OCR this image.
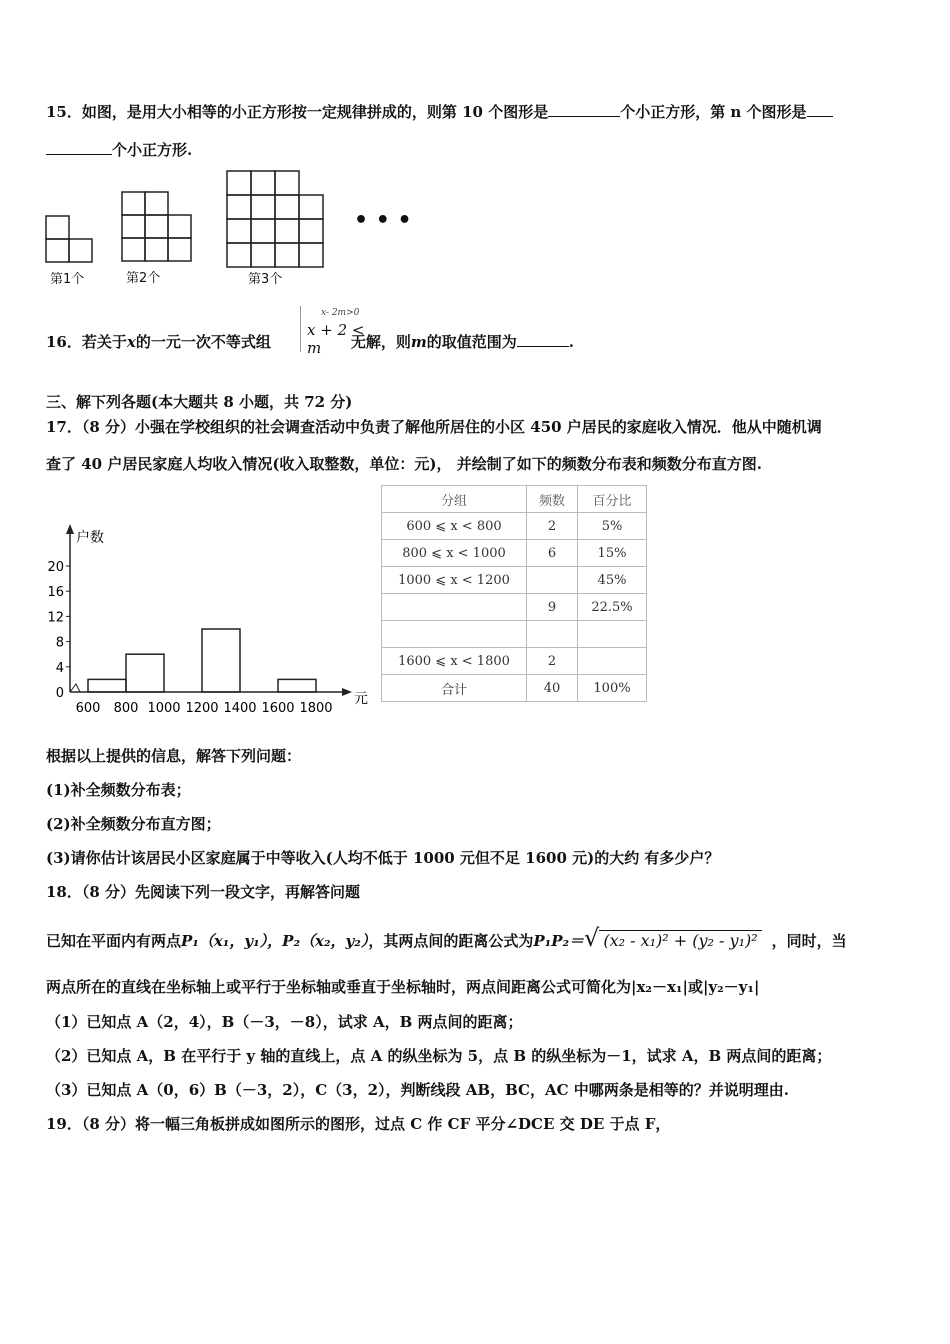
15．如图，是用大小相等的小正方形按一定规律拼成的，则第 10 个图形是	个小正方形，第 n 个图形是
个小正方形.
第1个	第2个	第3个
• • •
x- 2m>0
x + 2 < m
16．若关于x的一元一次不等式组	无解，则m的取值范围为	.
三、解下列各题(本大题共 8 小题，共 72 分)
17．（8 分）小强在学校组织的社会调查活动中负责了解他所居住的小区 450 户居民的家庭收入情况．他从中随机调
查了 40 户居民家庭人均收入情况(收入取整数，单位：元)， 并绘制了如下的频数分布表和频数分布直方图.
户数
元
0
4
8
12
16
20
600 800 1000 1200 1400 1600 1800
分组	频数	百分比
600 ⩽ x < 800	2	5%
800 ⩽ x < 1000	6	15%
1000 ⩽ x < 1200		45%
	9	22.5%

1600 ⩽ x < 1800	2	
合计	40	100%
根据以上提供的信息，解答下列问题：
(1)补全频数分布表；
(2)补全频数分布直方图；
(3)请你估计该居民小区家庭属于中等收入(人均不低于 1000 元但不足 1600 元)的大约 有多少户？
18．（8 分）先阅读下列一段文字，再解答问题
已知在平面内有两点P₁（x₁，y₁），P₂（x₂，y₂），其两点间的距离公式为P₁P₂＝√ (x₂ - x₁)² + (y₂ - y₁)² ，同时，当
两点所在的直线在坐标轴上或平行于坐标轴或垂直于坐标轴时，两点间距离公式可简化为|x₂－x₁|或|y₂－y₁|
（1）已知点 A（2，4），B（－3，－8），试求 A，B 两点间的距离；
（2）已知点 A，B 在平行于 y 轴的直线上，点 A 的纵坐标为 5，点 B 的纵坐标为－1，试求 A，B 两点间的距离；
（3）已知点 A（0，6）B（－3，2），C（3，2），判断线段 AB，BC，AC 中哪两条是相等的？并说明理由.
19．（8 分）将一幅三角板拼成如图所示的图形，过点 C 作 CF 平分∠DCE 交 DE 于点 F，
